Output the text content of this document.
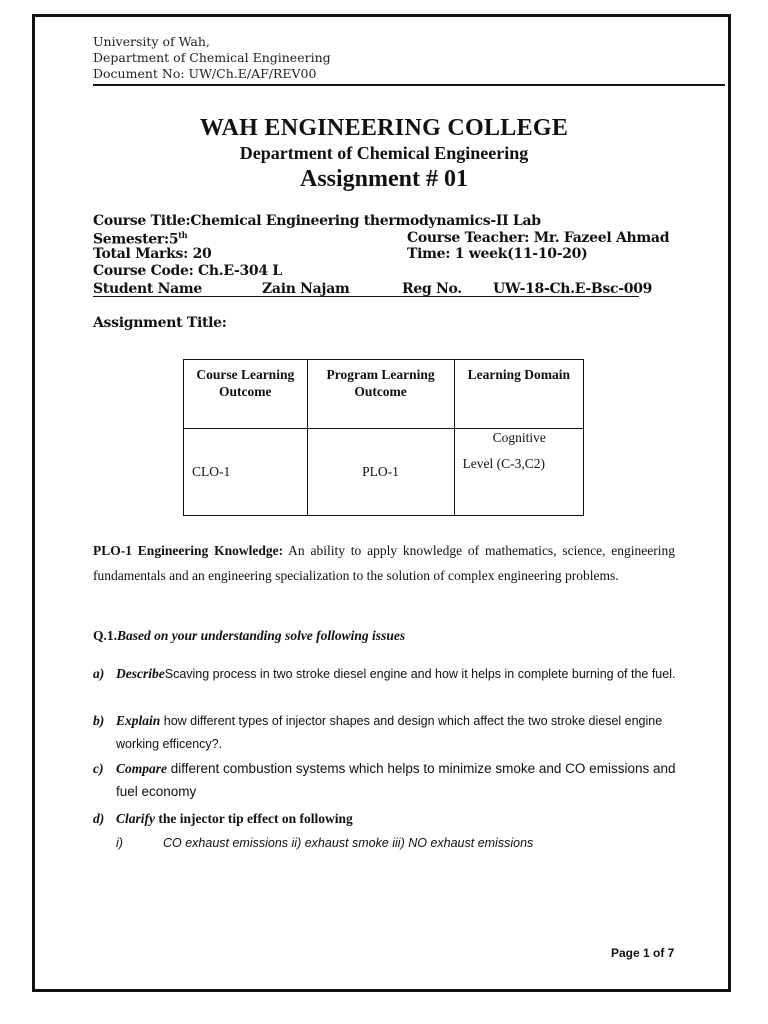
University of Wah,
Department of Chemical Engineering
Document No: UW/Ch.E/AF/REV00
WAH ENGINEERING COLLEGE
Department of Chemical Engineering
Assignment # 01
Course Title:Chemical Engineering thermodynamics-II Lab
Semester:5th	Course Teacher: Mr. Fazeel Ahmad
Total Marks: 20	Time: 1 week(11-10-20)
Course Code: Ch.E-304 L
Student Name	Zain Najam	Reg No. UW-18-Ch.E-Bsc-009
Assignment Title:
Course Learning Outcome	Program Learning Outcome	Learning Domain
CLO-1	PLO-1	Cognitive
Level (C-3,C2)
PLO-1 Engineering Knowledge: An ability to apply knowledge of mathematics, science, engineering fundamentals and an engineering specialization to the solution of complex engineering problems.
Q.1.Based on your understanding solve following issues
a) DescribeScaving process in two stroke diesel engine and how it helps in complete burning of the fuel.
b) Explain how different types of injector shapes and design which affect the two stroke diesel engine working efficency?.
c) Compare different combustion systems which helps to minimize smoke and CO emissions and fuel economy
d) Clarify the injector tip effect on following
i)	CO exhaust emissions ii) exhaust smoke iii) NO exhaust emissions
Page 1 of 7
